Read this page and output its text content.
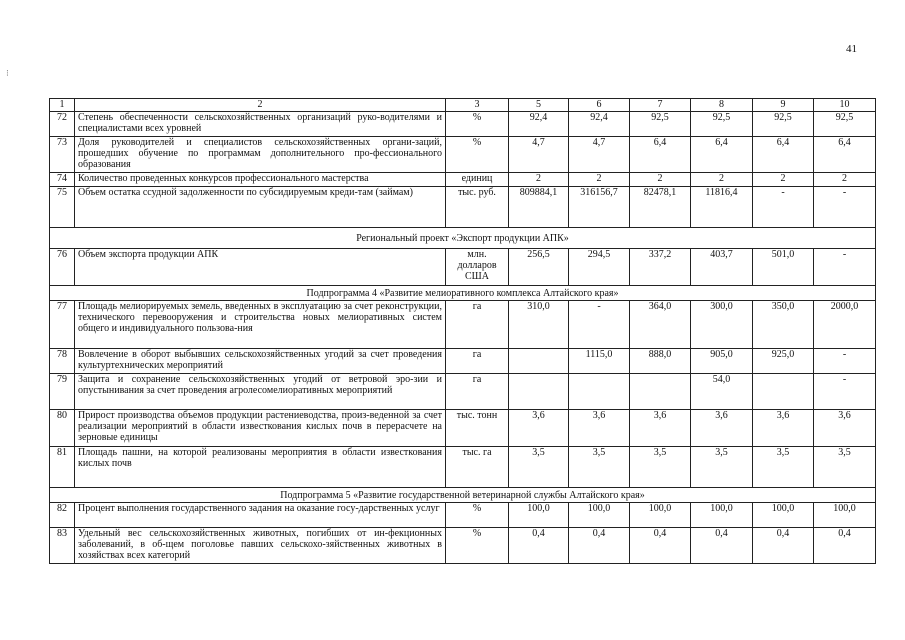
41
⁝
1	2	3	5	6	7	8	9	10
72	Степень обеспеченности сельскохозяйственных организаций руко-водителями и специалистами всех уровней	%	92,4	92,4	92,5	92,5	92,5	92,5
73	Доля руководителей и специалистов сельскохозяйственных органи-заций, прошедших обучение по программам дополнительного про-фессионального образования	%	4,7	4,7	6,4	6,4	6,4	6,4
74	Количество проведенных конкурсов профессионального мастерства	единиц	2	2	2	2	2	2
75	Объем остатка ссудной задолженности по субсидируемым креди-там (займам)	тыс. руб.	809884,1	316156,7	82478,1	11816,4	-	-
Региональный проект «Экспорт продукции АПК»								
76	Объем экспорта продукции АПК	млн. долларов США	256,5	294,5	337,2	403,7	501,0	-
Подпрограмма 4 «Развитие мелиоративного комплекса Алтайского края»								
77	Площадь мелиорируемых земель, введенных в эксплуатацию за счет реконструкции, технического перевооружения и строительства новых мелиоративных систем общего и индивидуального пользова-ния	га	310,0	-	364,0	300,0	350,0	2000,0
78	Вовлечение в оборот выбывших сельскохозяйственных угодий за счет проведения культуртехнических мероприятий	га		1115,0	888,0	905,0	925,0	-
79	Защита и сохранение сельскохозяйственных угодий от ветровой эро-зии и опустынивания за счет проведения агролесомелиоративных мероприятий	га				54,0		-
80	Прирост производства объемов продукции растениеводства, произ-веденной за счет реализации мероприятий в области известкования кислых почв в перерасчете на зерновые единицы	тыс. тонн	3,6	3,6	3,6	3,6	3,6	3,6
81	Площадь пашни, на которой реализованы мероприятия в области известкования кислых почв	тыс. га	3,5	3,5	3,5	3,5	3,5	3,5
Подпрограмма 5 «Развитие государственной ветеринарной службы Алтайского края»								
82	Процент выполнения государственного задания на оказание госу-дарственных услуг	%	100,0	100,0	100,0	100,0	100,0	100,0
83	Удельный вес сельскохозяйственных животных, погибших от ин-фекционных заболеваний, в об-щем поголовье павших сельскохо-зяйственных животных в хозяйствах всех категорий	%	0,4	0,4	0,4	0,4	0,4	0,4
